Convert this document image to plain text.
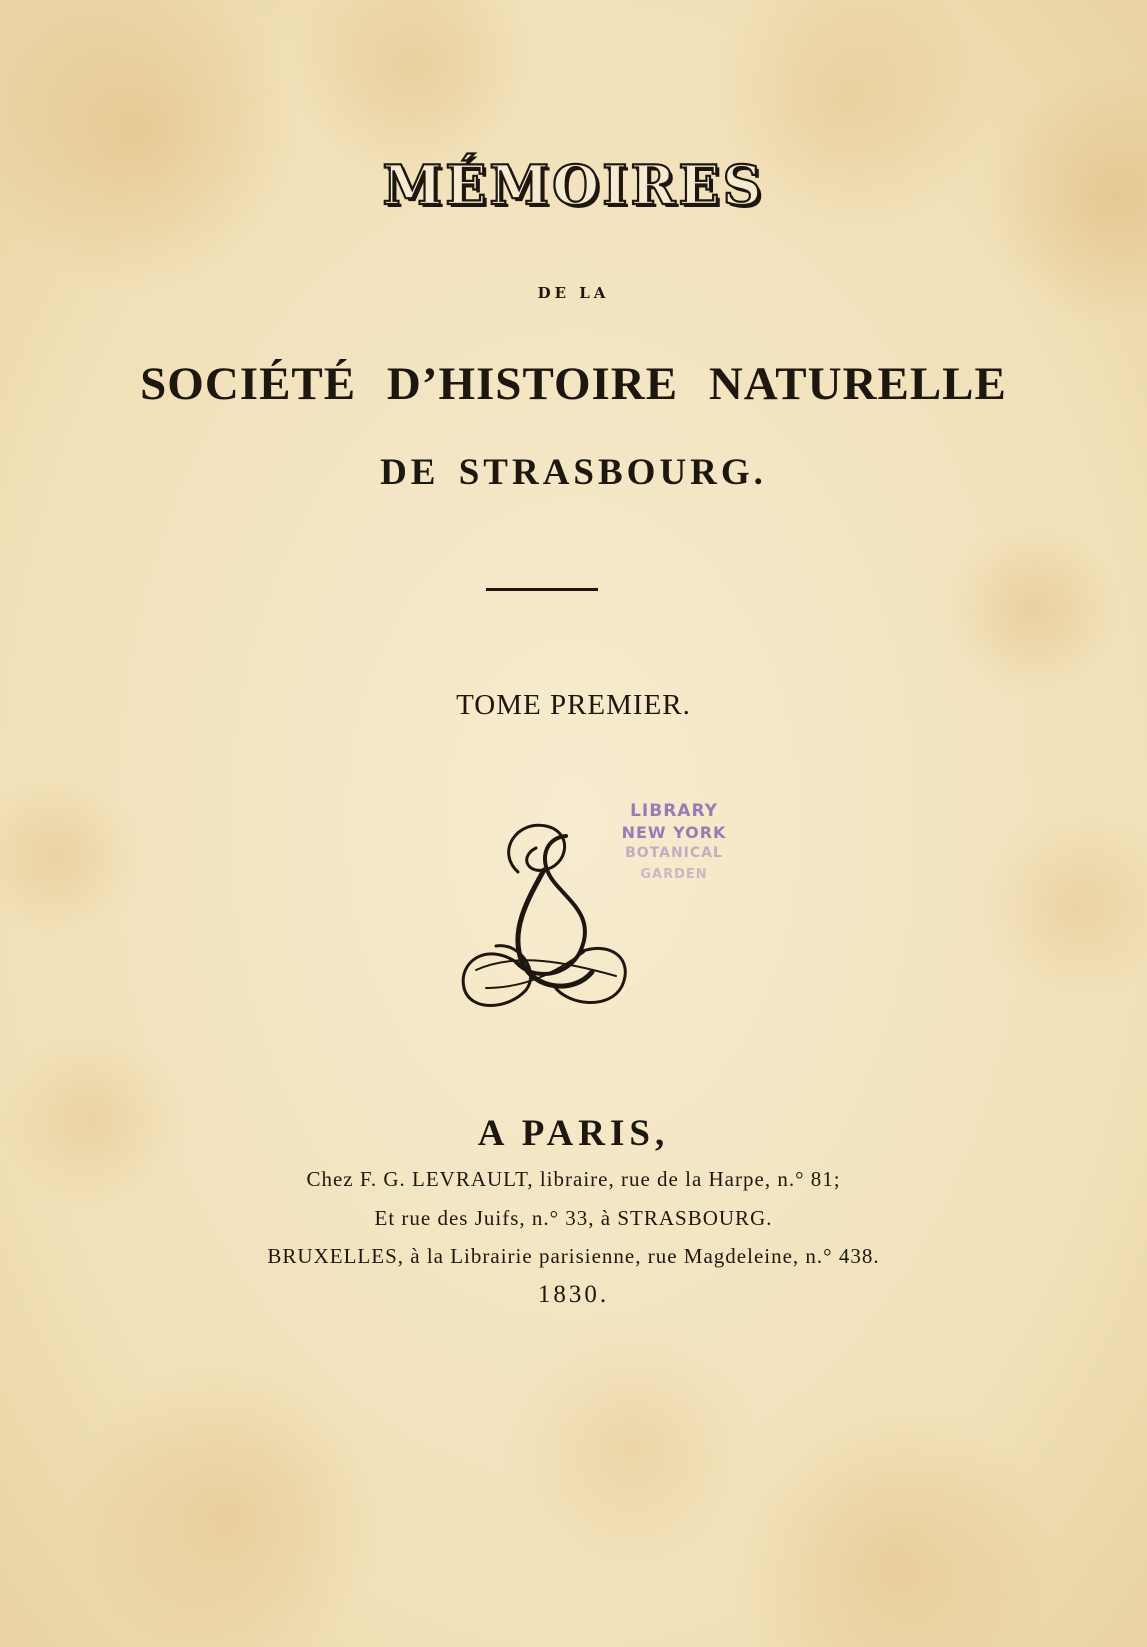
MÉMOIRES
DE LA
SOCIÉTÉ D’HISTOIRE NATURELLE
DE STRASBOURG.
TOME PREMIER.
LIBRARY
NEW YORK
BOTANICAL
GARDEN
A PARIS,
Chez F. G. LEVRAULT, libraire, rue de la Harpe, n.° 81;
Et rue des Juifs, n.° 33, à STRASBOURG.
BRUXELLES, à la Librairie parisienne, rue Magdeleine, n.° 438.
1830.
